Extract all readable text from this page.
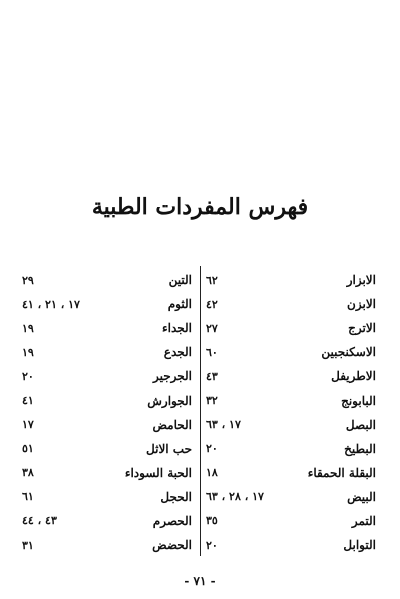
فهرس المفردات الطبية
الابزار
٦٢
الابزن
٤٢
الاترج
٢٧
الاسكنجبين
٦٠
الاطريفل
٤٣
البابونج
٣٢
البصل
١٧ ، ٦٣
البطيخ
٢٠
البقلة الحمقاء
١٨
البيض
١٧ ، ٢٨ ، ٦٣
التمر
٣٥
التوابل
٢٠
التين
٢٩
الثوم
١٧ ، ٢١ ، ٤١
الجداء
١٩
الجدع
١٩
الجرجير
٢٠
الجوارش
٤١
الحامض
١٧
حب الاثل
٥١
الحبة السوداء
٣٨
الحجل
٦١
الحصرم
٤٣ ، ٤٤
الحضض
٣١
- ٧١ -
